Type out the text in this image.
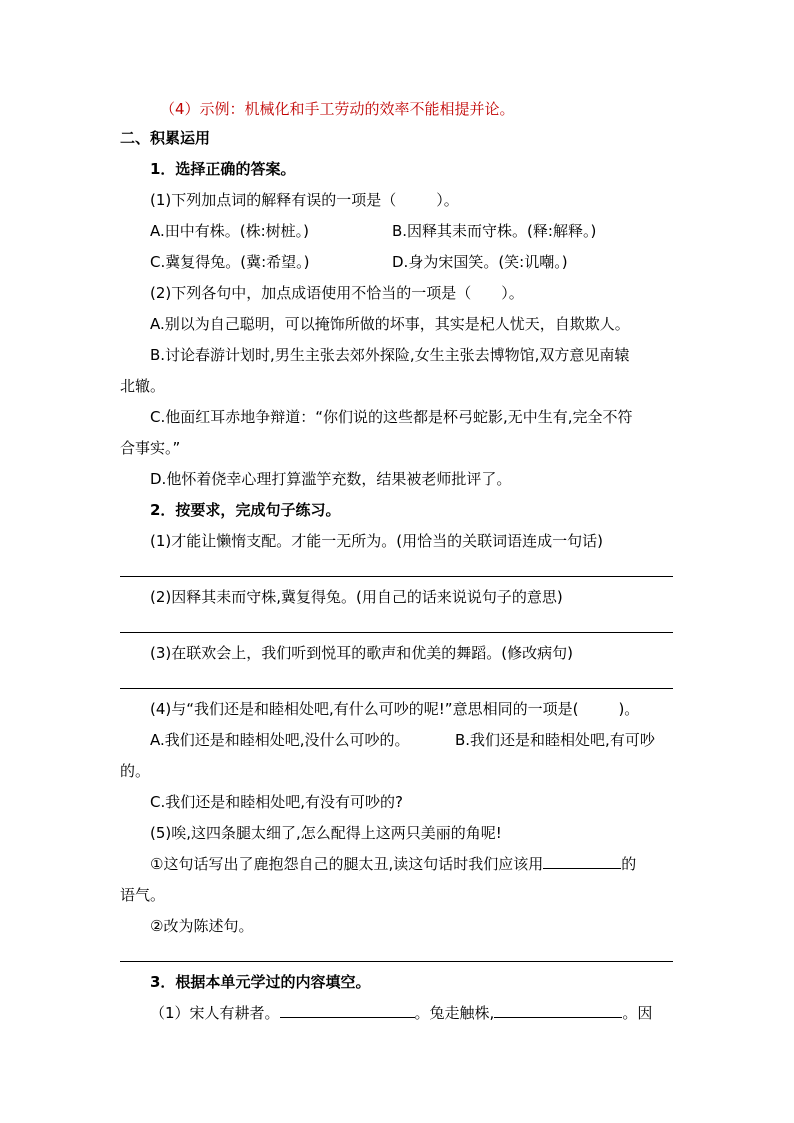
（4）示例：机械化和手工劳动的效率不能相提并论。
二、积累运用
1．选择正确的答案。
(1)下列加点词的解释有误的一项是（	）。
A.田中有株。(株:树桩。)	B.因释其耒而守株。(释:解释。)
C.冀复得兔。(冀:希望。)	D.身为宋国笑。(笑:讥嘲。)
(2)下列各句中，加点成语使用不恰当的一项是（ ）。
A.别以为自己聪明，可以掩饰所做的坏事，其实是杞人忧天，自欺欺人。
B.讨论春游计划时,男生主张去郊外探险,女生主张去博物馆,双方意见南辕
北辙。
C.他面红耳赤地争辩道：“你们说的这些都是杯弓蛇影,无中生有,完全不符
合事实。”
D.他怀着侥幸心理打算滥竽充数，结果被老师批评了。
2．按要求，完成句子练习。
(1)才能让懒惰支配。才能一无所为。(用恰当的关联词语连成一句话)
(2)因释其耒而守株,冀复得兔。(用自己的话来说说句子的意思)
(3)在联欢会上，我们听到悦耳的歌声和优美的舞蹈。(修改病句)
(4)与“我们还是和睦相处吧,有什么可吵的呢!”意思相同的一项是(	)。
A.我们还是和睦相处吧,没什么可吵的。	B.我们还是和睦相处吧,有可吵
的。
C.我们还是和睦相处吧,有没有可吵的?
(5)唉,这四条腿太细了,怎么配得上这两只美丽的角呢!
①这句话写出了鹿抱怨自己的腿太丑,读这句话时我们应该用	的
语气。
②改为陈述句。
3．根据本单元学过的内容填空。
（1）宋人有耕者。	。兔走触株,	。因
